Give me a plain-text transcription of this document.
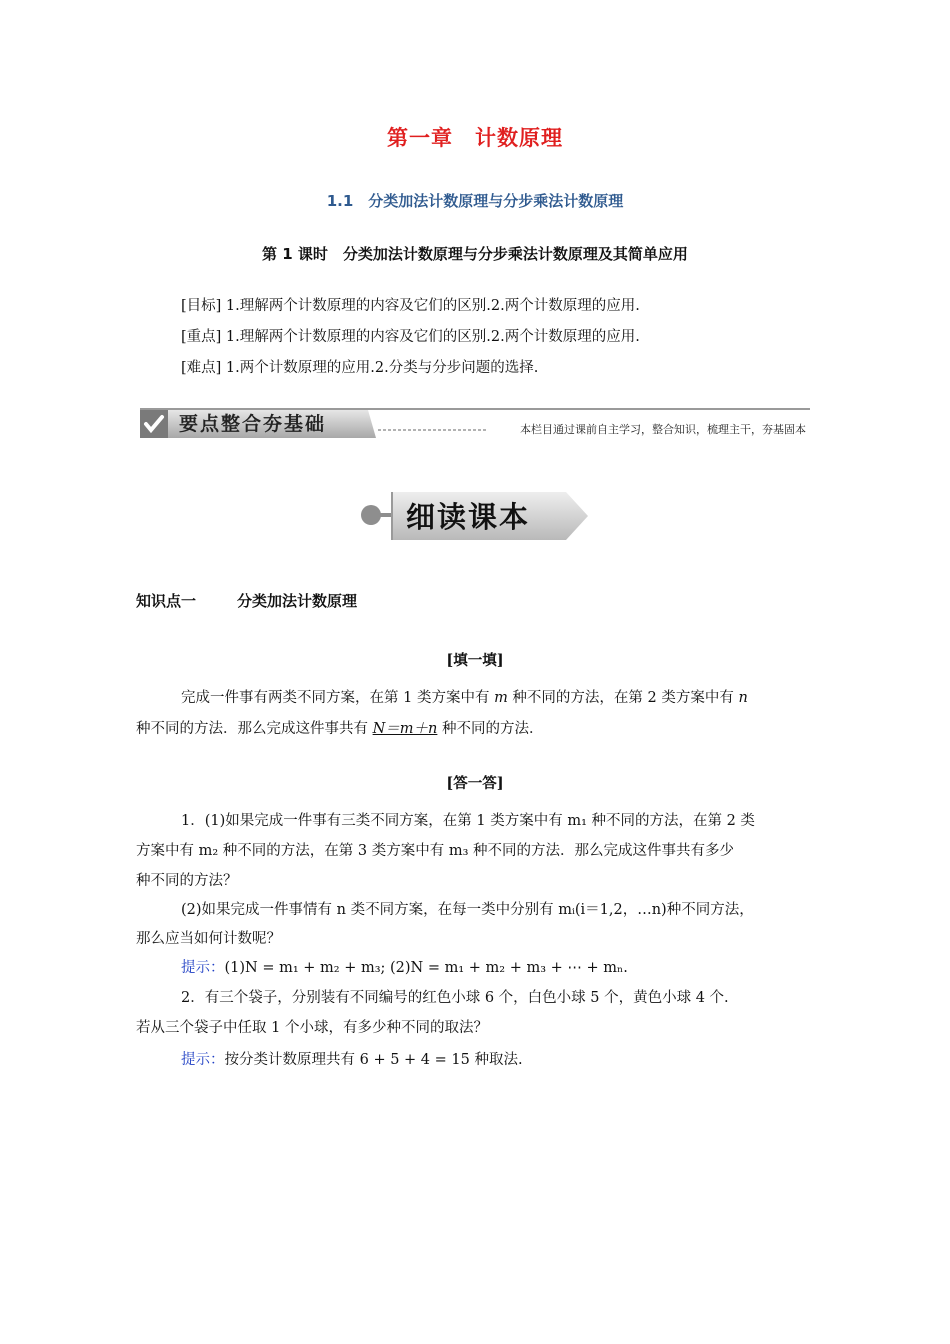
第一章　计数原理
1.1　分类加法计数原理与分步乘法计数原理
第 1 课时　分类加法计数原理与分步乘法计数原理及其简单应用
[目标] 1.理解两个计数原理的内容及它们的区别.2.两个计数原理的应用.
[重点] 1.理解两个计数原理的内容及它们的区别.2.两个计数原理的应用.
[难点] 1.两个计数原理的应用.2.分类与分步问题的选择.
要点整合夯基础	本栏目通过课前自主学习，整合知识，梳理主干，夯基固本
细读课本
知识点一	分类加法计数原理
[填一填]
完成一件事有两类不同方案，在第 1 类方案中有 m 种不同的方法，在第 2 类方案中有 n
种不同的方法．那么完成这件事共有 N＝m＋n 种不同的方法．
[答一答]
1．(1)如果完成一件事有三类不同方案，在第 1 类方案中有 m₁ 种不同的方法，在第 2 类
方案中有 m₂ 种不同的方法，在第 3 类方案中有 m₃ 种不同的方法．那么完成这件事共有多少
种不同的方法？
(2)如果完成一件事情有 n 类不同方案，在每一类中分别有 mᵢ(i＝1,2，…n)种不同方法，
那么应当如何计数呢？
提示：(1)N = m₁ + m₂ + m₃; (2)N = m₁ + m₂ + m₃ + ⋯ + mₙ.
2．有三个袋子，分别装有不同编号的红色小球 6 个，白色小球 5 个，黄色小球 4 个.
若从三个袋子中任取 1 个小球，有多少种不同的取法？
提示：按分类计数原理共有 6 + 5 + 4 = 15 种取法.
